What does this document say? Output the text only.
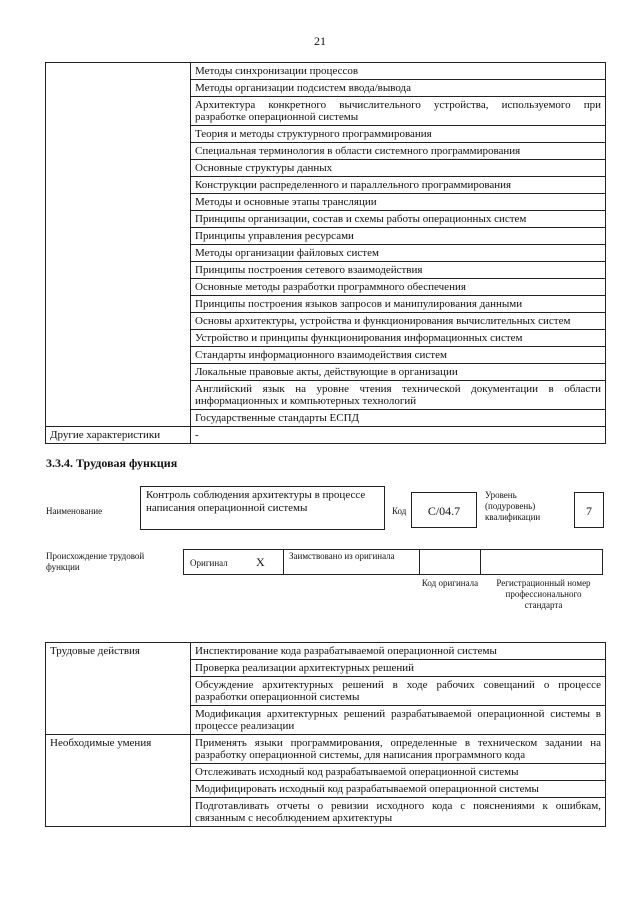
21
	Методы синхронизации процессов
	Методы организации подсистем ввода/вывода
	Архитектура конкретного вычислительного устройства, используемого при разработке операционной системы
	Теория и методы структурного программирования
	Специальная терминология в области системного программирования
	Основные структуры данных
	Конструкции распределенного и параллельного программирования
	Методы и основные этапы трансляции
	Принципы организации, состав и схемы работы операционных систем
	Принципы управления ресурсами
	Методы организации файловых систем
	Принципы построения сетевого взаимодействия
	Основные методы разработки программного обеспечения
	Принципы построения языков запросов и манипулирования данными
	Основы архитектуры, устройства и функционирования вычислительных систем
	Устройство и принципы функционирования информационных систем
	Стандарты информационного взаимодействия систем
	Локальные правовые акты, действующие в организации
	Английский язык на уровне чтения технической документации в области информационных и компьютерных технологий
	Государственные стандарты ЕСПД
Другие характеристики	-
3.3.4. Трудовая функция
Наименование
Контроль соблюдения архитектуры в процессе написания операционной системы	Код	C/04.7
Уровень (подуровень) квалификации	7
Происхождение трудовой функции	Оригинал X	Заимствовано из оригинала
Код оригинала	Регистрационный номер профессионального стандарта
Трудовые действия	Инспектирование кода разрабатываемой операционной системы
	Проверка реализации архитектурных решений
	Обсуждение архитектурных решений в ходе рабочих совещаний о процессе разработки операционной системы
	Модификация архитектурных решений разрабатываемой операционной системы в процессе реализации
Необходимые умения	Применять языки программирования, определенные в техническом задании на разработку операционной системы, для написания программного кода
	Отслеживать исходный код разрабатываемой операционной системы
	Модифицировать исходный код разрабатываемой операционной системы
	Подготавливать отчеты о ревизии исходного кода с пояснениями к ошибкам, связанным с несоблюдением архитектуры
